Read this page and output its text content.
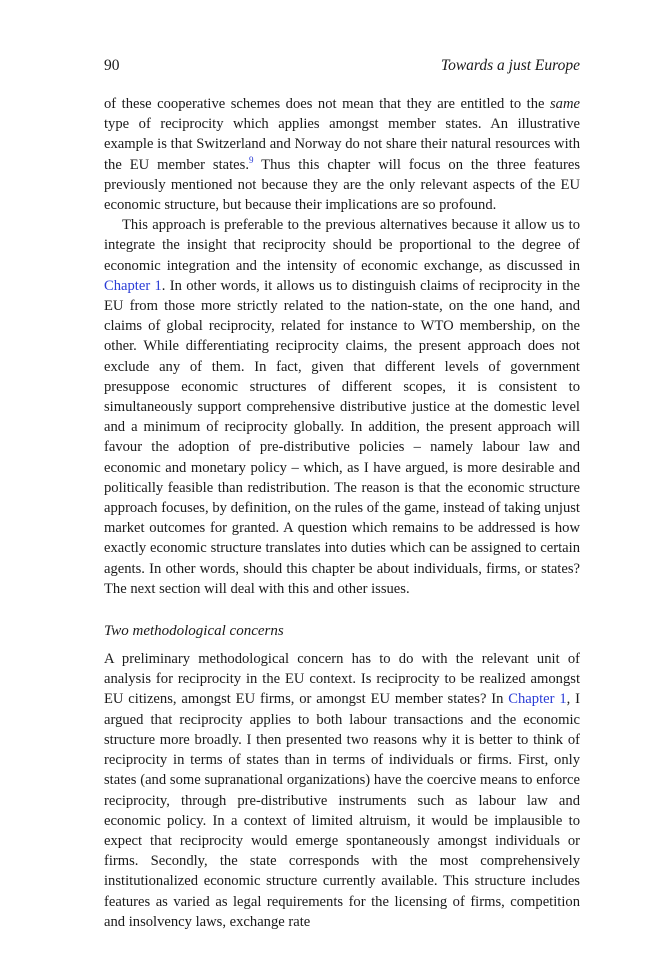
90	Towards a just Europe

of these cooperative schemes does not mean that they are entitled to the same type of reciprocity which applies amongst member states. An illustrative example is that Switzerland and Norway do not share their natural resources with the EU member states.$^9$ Thus this chapter will focus on the three features previously mentioned not because they are the only relevant aspects of the EU economic structure, but because their implications are so profound.

This approach is preferable to the previous alternatives because it allow us to integrate the insight that reciprocity should be proportional to the degree of economic integration and the intensity of economic exchange, as discussed in Chapter 1. In other words, it allows us to distinguish claims of reciprocity in the EU from those more strictly related to the nation-state, on the one hand, and claims of global reciprocity, related for instance to WTO membership, on the other. While differentiating reciprocity claims, the present approach does not exclude any of them. In fact, given that different levels of government presuppose economic structures of different scopes, it is consistent to simultaneously support comprehensive distributive justice at the domestic level and a minimum of reciprocity globally. In addition, the present approach will favour the adoption of pre-distributive policies – namely labour law and economic and monetary policy – which, as I have argued, is more desirable and politically feasible than redistribution. The reason is that the economic structure approach focuses, by definition, on the rules of the game, instead of taking unjust market outcomes for granted. A question which remains to be addressed is how exactly economic structure translates into duties which can be assigned to certain agents. In other words, should this chapter be about individuals, firms, or states? The next section will deal with this and other issues.

Two methodological concerns

A preliminary methodological concern has to do with the relevant unit of analysis for reciprocity in the EU context. Is reciprocity to be realized amongst EU citizens, amongst EU firms, or amongst EU member states? In Chapter 1, I argued that reciprocity applies to both labour transactions and the economic structure more broadly. I then presented two reasons why it is better to think of reciprocity in terms of states than in terms of individuals or firms. First, only states (and some supranational organizations) have the coercive means to enforce reciprocity, through pre-distributive instruments such as labour law and economic policy. In a context of limited altruism, it would be implausible to expect that reciprocity would emerge spontaneously amongst individuals or firms. Secondly, the state corresponds with the most comprehensively institutionalized economic structure currently available. This structure includes features as varied as legal requirements for the licensing of firms, competition and insolvency laws, exchange rate
